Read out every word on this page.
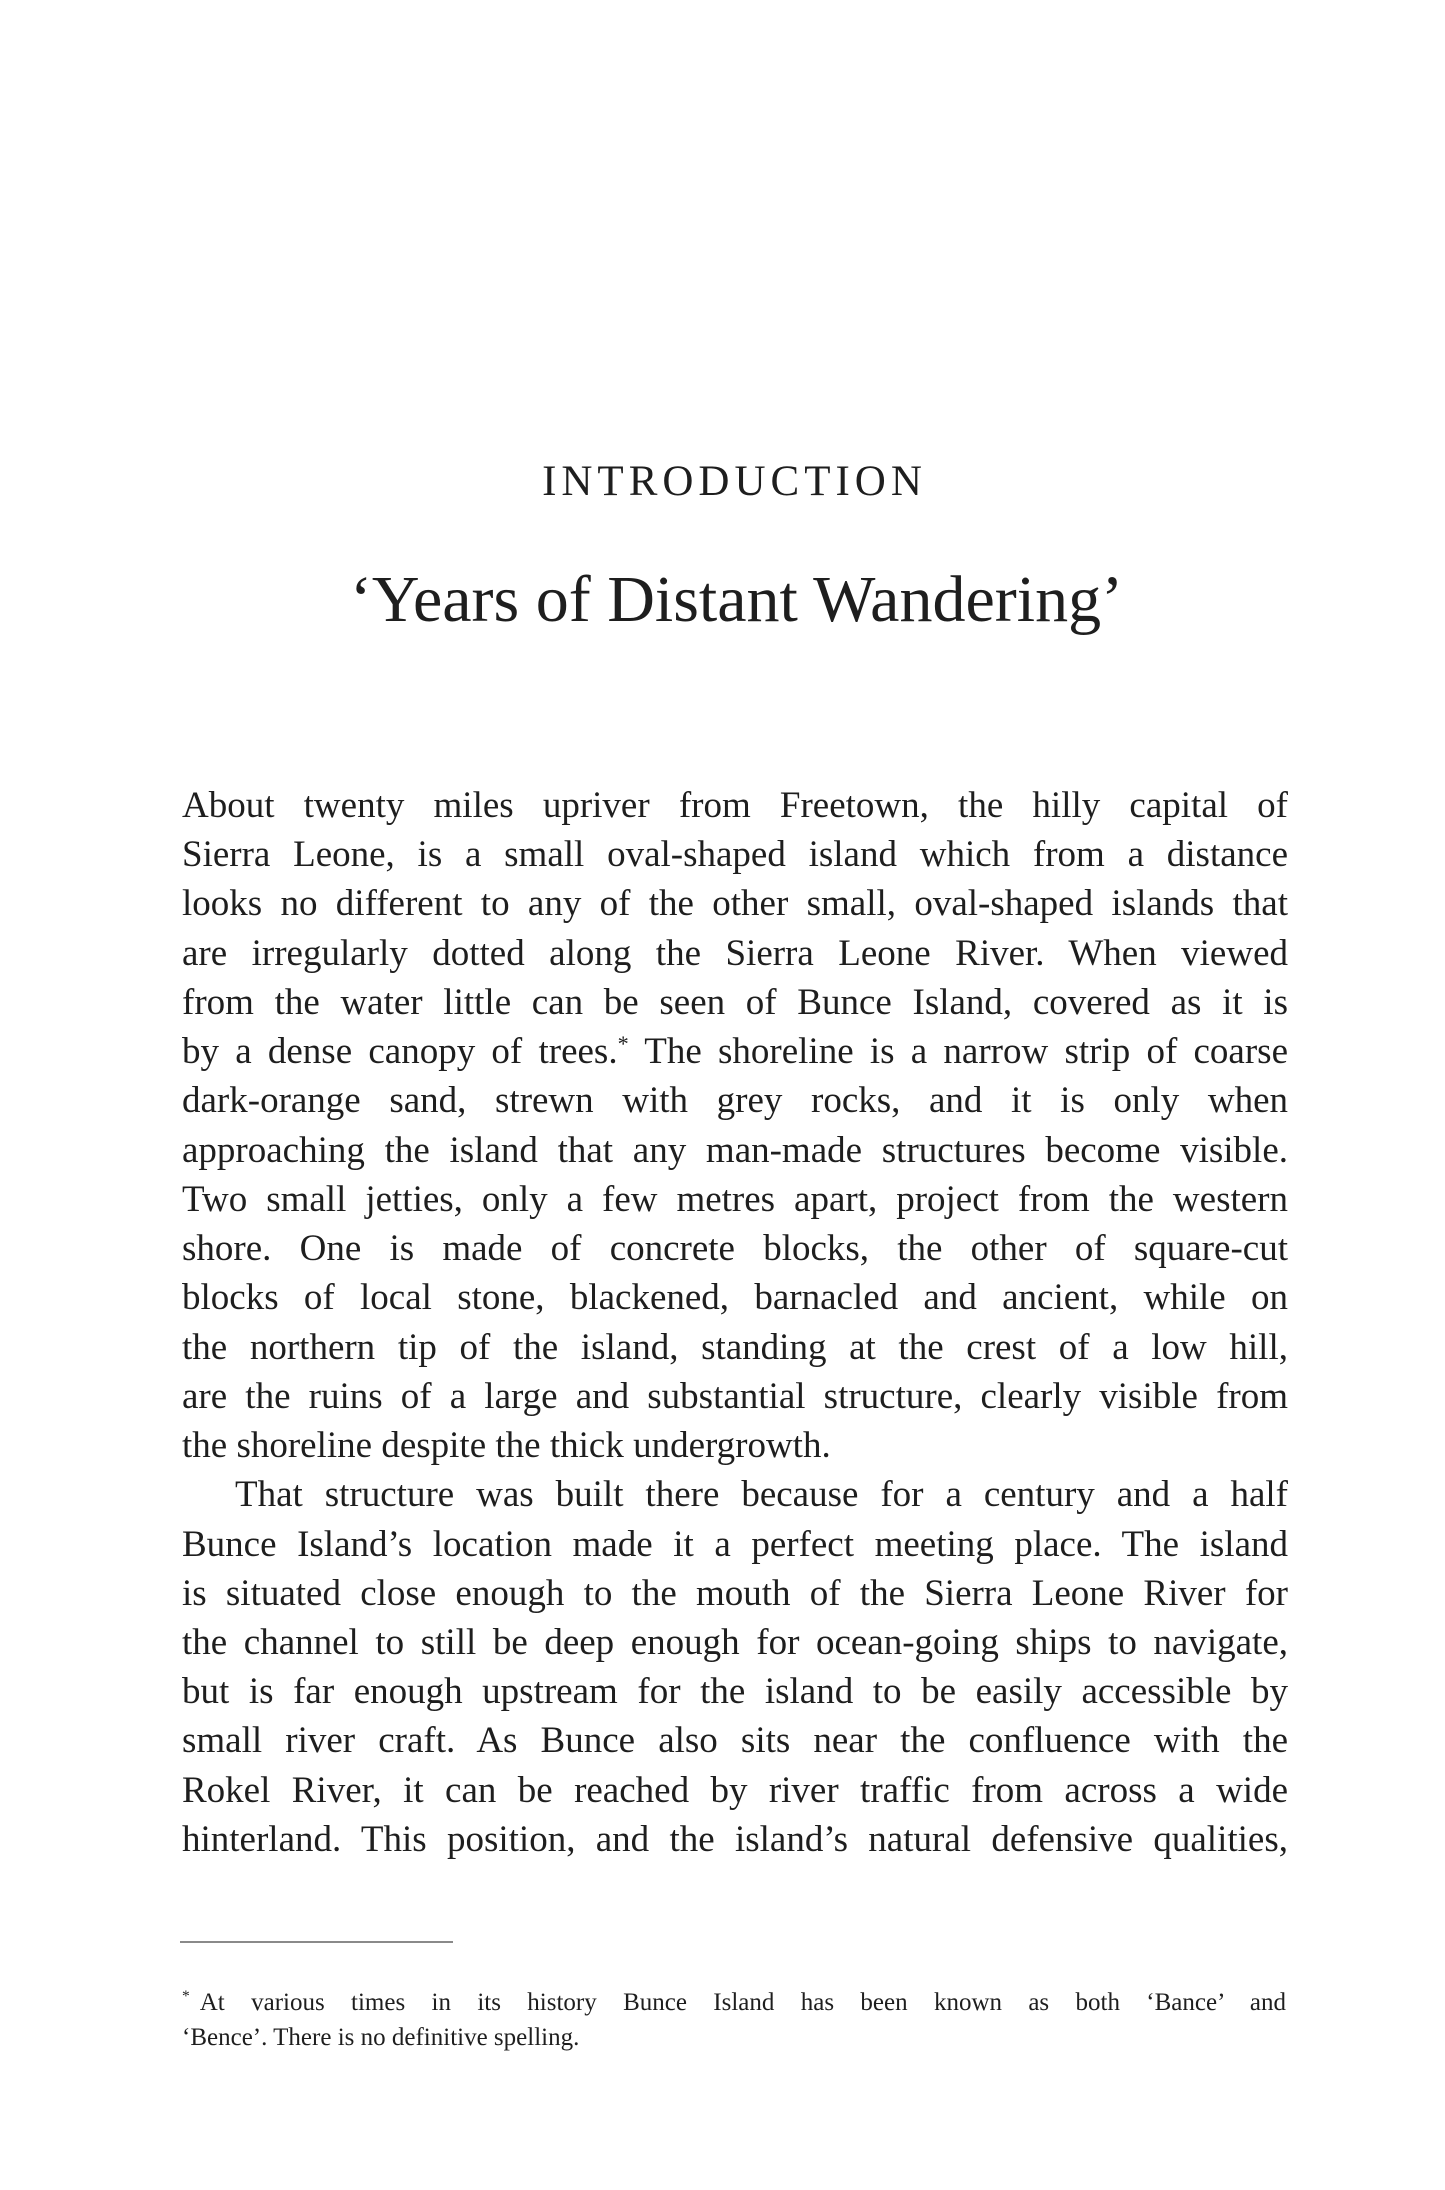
INTRODUCTION
‘Years of Distant Wandering’
About twenty miles upriver from Freetown, the hilly capital of
Sierra Leone, is a small oval-shaped island which from a distance
looks no different to any of the other small, oval-shaped islands that
are irregularly dotted along the Sierra Leone River. When viewed
from the water little can be seen of Bunce Island, covered as it is
by a dense canopy of trees.* The shoreline is a narrow strip of coarse
dark-orange sand, strewn with grey rocks, and it is only when
approaching the island that any man-made structures become visible.
Two small jetties, only a few metres apart, project from the western
shore. One is made of concrete blocks, the other of square-cut
blocks of local stone, blackened, barnacled and ancient, while on
the northern tip of the island, standing at the crest of a low hill,
are the ruins of a large and substantial structure, clearly visible from
the shoreline despite the thick undergrowth.
That structure was built there because for a century and a half
Bunce Island’s location made it a perfect meeting place. The island
is situated close enough to the mouth of the Sierra Leone River for
the channel to still be deep enough for ocean-going ships to navigate,
but is far enough upstream for the island to be easily accessible by
small river craft. As Bunce also sits near the confluence with the
Rokel River, it can be reached by river traffic from across a wide
hinterland. This position, and the island’s natural defensive qualities,
* At various times in its history Bunce Island has been known as both ‘Bance’ and
‘Bence’. There is no definitive spelling.
